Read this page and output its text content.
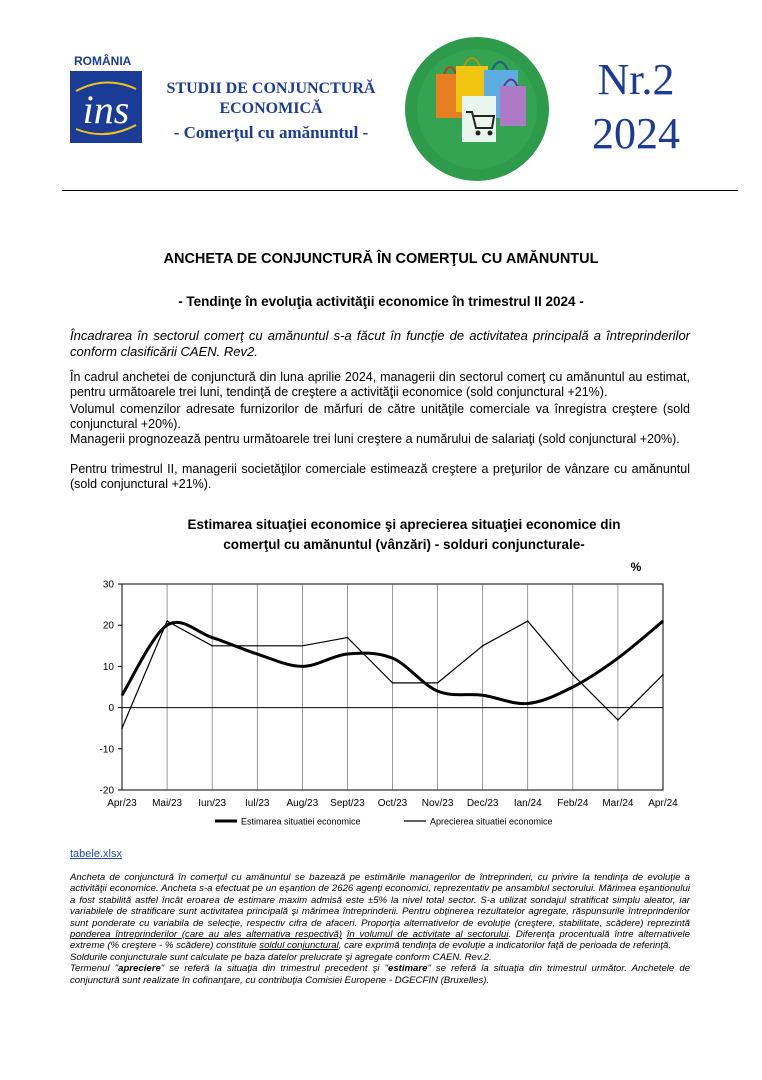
ROMÂNIA
ins	STUDII DE CONJUNCTURĂ
ECONOMICĂ
- Comerţul cu amănuntul -
Nr.2
2024
ANCHETA DE CONJUNCTURĂ ÎN COMERŢUL CU AMĂNUNTUL
- Tendinţe în evoluţia activităţii economice în trimestrul II 2024 -
Încadrarea în sectorul comerţ cu amănuntul s-a făcut în funcţie de activitatea principală a întreprinderilor conform clasificării CAEN. Rev2.

În cadrul anchetei de conjunctură din luna aprilie 2024, managerii din sectorul comerţ cu amănuntul au estimat, pentru următoarele trei luni, tendinţă de creştere a activităţii economice (sold conjunctural +21%).

Volumul comenzilor adresate furnizorilor de mărfuri de către unităţile comerciale va înregistra creştere (sold conjunctural +20%).

Managerii prognozează pentru următoarele trei luni creştere a numărului de salariaţi (sold conjunctural +20%).

Pentru trimestrul II, managerii societăţilor comerciale estimează creştere a preţurilor de vânzare cu amănuntul (sold conjunctural +21%).

Estimarea situaţiei economice şi aprecierea situaţiei economice din
comerţul cu amănuntul (vânzări) - solduri conjuncturale-
-20
-10
0
10
20
30
Apr/23 Mai/23 Iun/23 Iul/23 Aug/23 Sept/23 Oct/23 Nov/23 Dec/23 Ian/24 Feb/24 Mar/24 Apr/24
%
Estimarea situatiei economice	Aprecierea situatiei economice
tabele.xlsx
Ancheta de conjunctură în comerţul cu amănuntul se bazează pe estimările managerilor de întreprinderi, cu privire la tendinţa de evoluţie a activităţii economice. Ancheta s-a efectuat pe un eşantion de 2626 agenţi economici, reprezentativ pe ansamblul sectorului. Mărimea eşantionului a fost stabilită astfel încât eroarea de estimare maxim admisă este ±5% la nivel total sector. S-a utilizat sondajul stratificat simplu aleator, iar variabilele de stratificare sunt activitatea principală şi mărimea întreprinderii. Pentru obţinerea rezultatelor agregate, răspunsurile întreprinderilor sunt ponderate cu variabila de selecţie, respectiv cifra de afaceri. Proporţia alternativelor de evoluţie (creştere, stabilitate, scădere) reprezintă ponderea întreprinderilor (care au ales alternativa respectivă) în volumul de activitate al sectorului. Diferenţa procentuală între alternativele extreme (% creştere - % scădere) constituie soldul conjunctural, care exprimă tendinţa de evoluţie a indicatorilor faţă de perioada de referinţă.
Soldurile conjuncturale sunt calculate pe baza datelor prelucrate şi agregate conform CAEN. Rev.2.
Termenul "apreciere" se referă la situaţia din trimestrul precedent şi "estimare" se referă la situaţia din trimestrul următor. Anchetele de conjunctură sunt realizate în cofinanţare, cu contribuţia Comisiei Europene - DGECFIN (Bruxelles).
